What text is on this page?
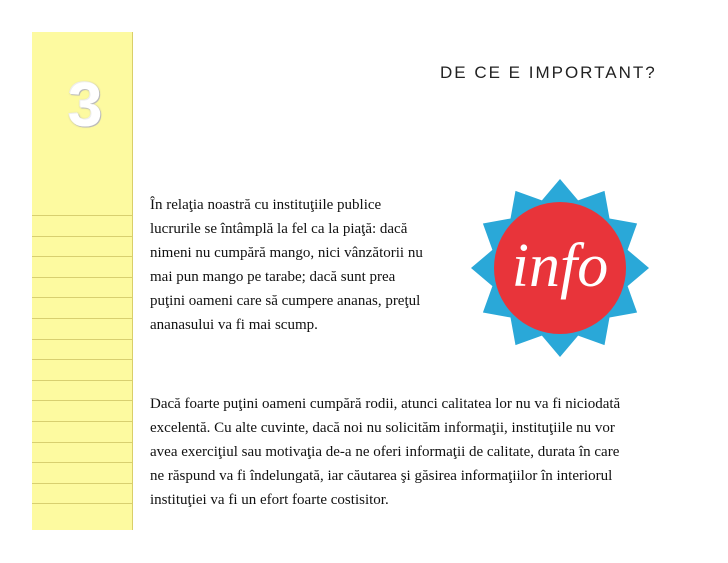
3	DE CE E IMPORTANT?
info

În relaţia noastră cu instituţiile publice

lucrurile se întâmplă la fel ca la piaţă: dacă

nimeni nu cumpără mango, nici vânzătorii nu

mai pun mango pe tarabe; dacă sunt prea

puţini oameni care să cumpere ananas, preţul

ananasului va fi mai scump.

Dacă foarte puţini oameni cumpără rodii, atunci calitatea lor nu va fi niciodată

excelentă. Cu alte cuvinte, dacă noi nu solicităm informaţii, instituţiile nu vor

avea exerciţiul sau motivaţia de-a ne oferi informaţii de calitate, durata în care

ne răspund va fi îndelungată, iar căutarea şi găsirea informaţiilor în interiorul

instituţiei va fi un efort foarte costisitor.
